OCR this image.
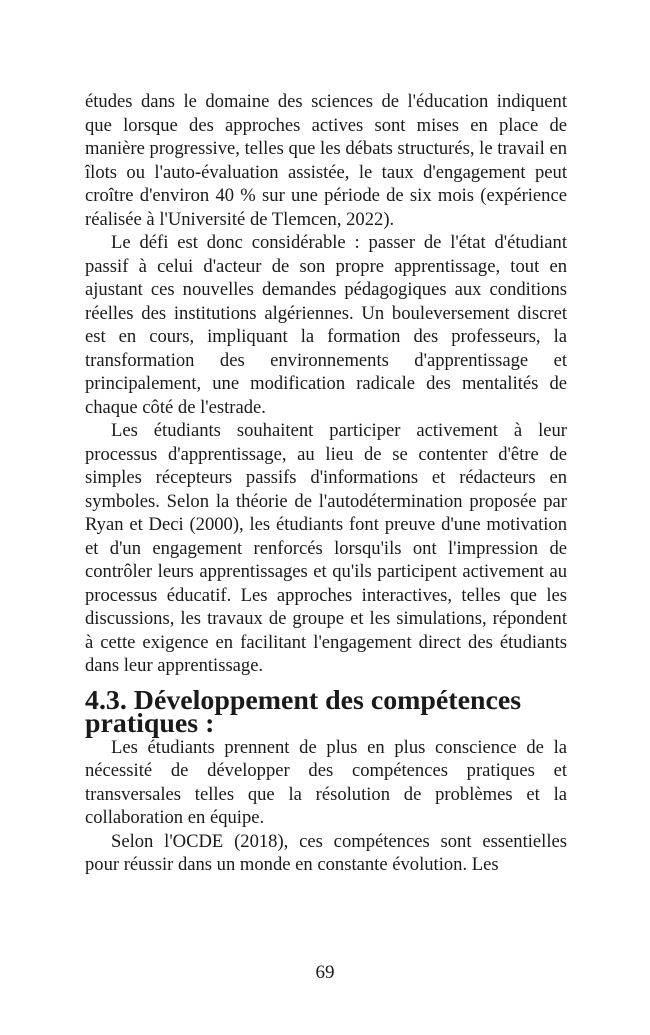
études dans le domaine des sciences de l'éducation indiquent que lorsque des approches actives sont mises en place de manière progressive, telles que les débats structurés, le travail en îlots ou l'auto-évaluation assistée, le taux d'engagement peut croître d'environ 40 % sur une période de six mois (expérience réalisée à l'Université de Tlemcen, 2022).

Le défi est donc considérable : passer de l'état d'étudiant passif à celui d'acteur de son propre apprentissage, tout en ajustant ces nouvelles demandes pédagogiques aux conditions réelles des institutions algériennes. Un bouleversement discret est en cours, impliquant la formation des professeurs, la transformation des environnements d'apprentissage et principalement, une modification radicale des mentalités de chaque côté de l'estrade.

Les étudiants souhaitent participer activement à leur processus d'apprentissage, au lieu de se contenter d'être de simples récepteurs passifs d'informations et rédacteurs en symboles. Selon la théorie de l'autodétermination proposée par Ryan et Deci (2000), les étudiants font preuve d'une motivation et d'un engagement renforcés lorsqu'ils ont l'impression de contrôler leurs apprentissages et qu'ils participent activement au processus éducatif. Les approches interactives, telles que les discussions, les travaux de groupe et les simulations, répondent à cette exigence en facilitant l'engagement direct des étudiants dans leur apprentissage.

4.3. Développement des compétences pratiques :

Les étudiants prennent de plus en plus conscience de la nécessité de développer des compétences pratiques et transversales telles que la résolution de problèmes et la collaboration en équipe.

Selon l'OCDE (2018), ces compétences sont essentielles pour réussir dans un monde en constante évolution. Les

69
